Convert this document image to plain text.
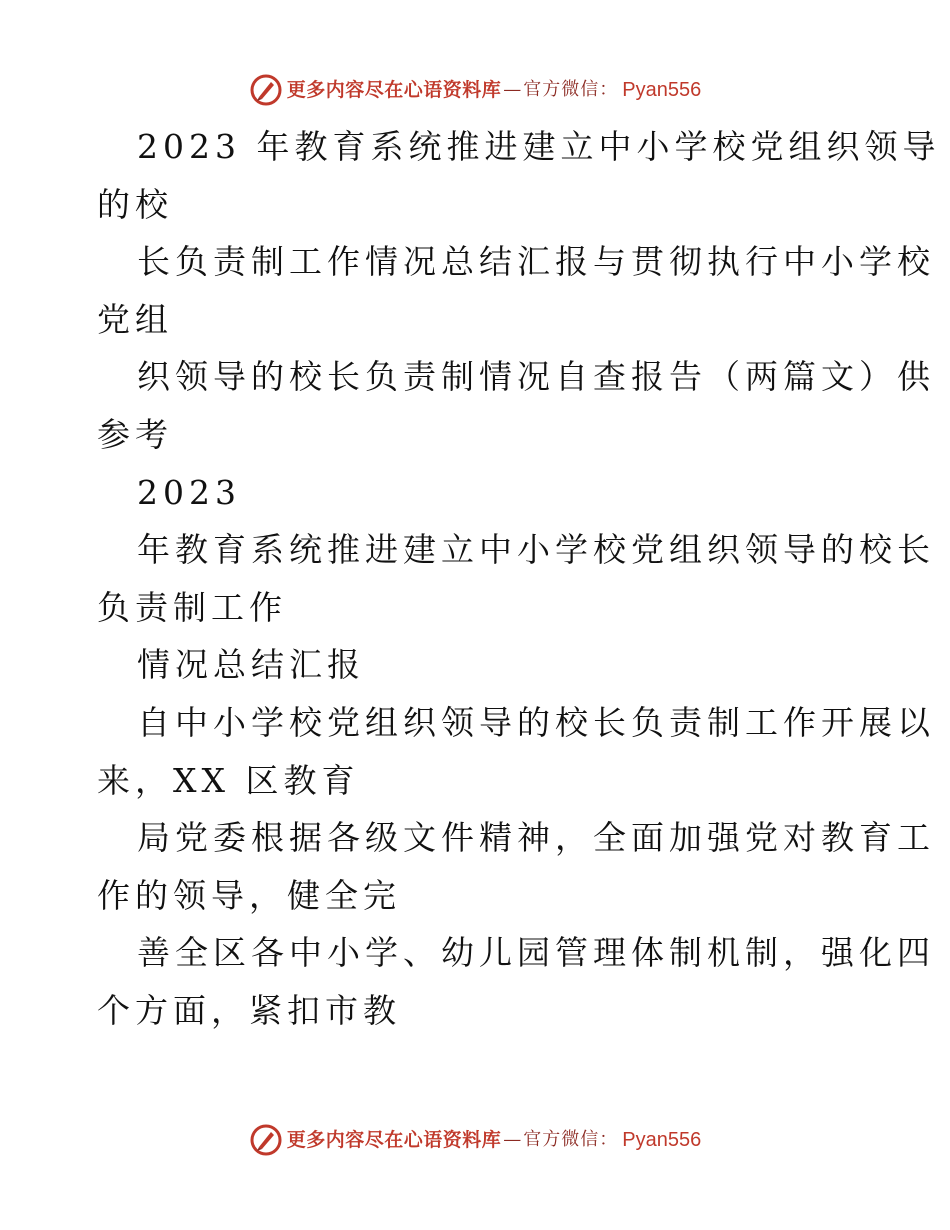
更多内容尽在心语资料库 — 官方微信： Pyan556
2023 年教育系统推进建立中小学校党组织领导
的校
长负责制工作情况总结汇报与贯彻执行中小学校
党组
织领导的校长负责制情况自查报告（两篇文）供
参考
2023
年教育系统推进建立中小学校党组织领导的校长
负责制工作
情况总结汇报
自中小学校党组织领导的校长负责制工作开展以
来，XX 区教育
局党委根据各级文件精神，全面加强党对教育工
作的领导，健全完
善全区各中小学、幼儿园管理体制机制，强化四
个方面，紧扣市教
更多内容尽在心语资料库 — 官方微信： Pyan556
